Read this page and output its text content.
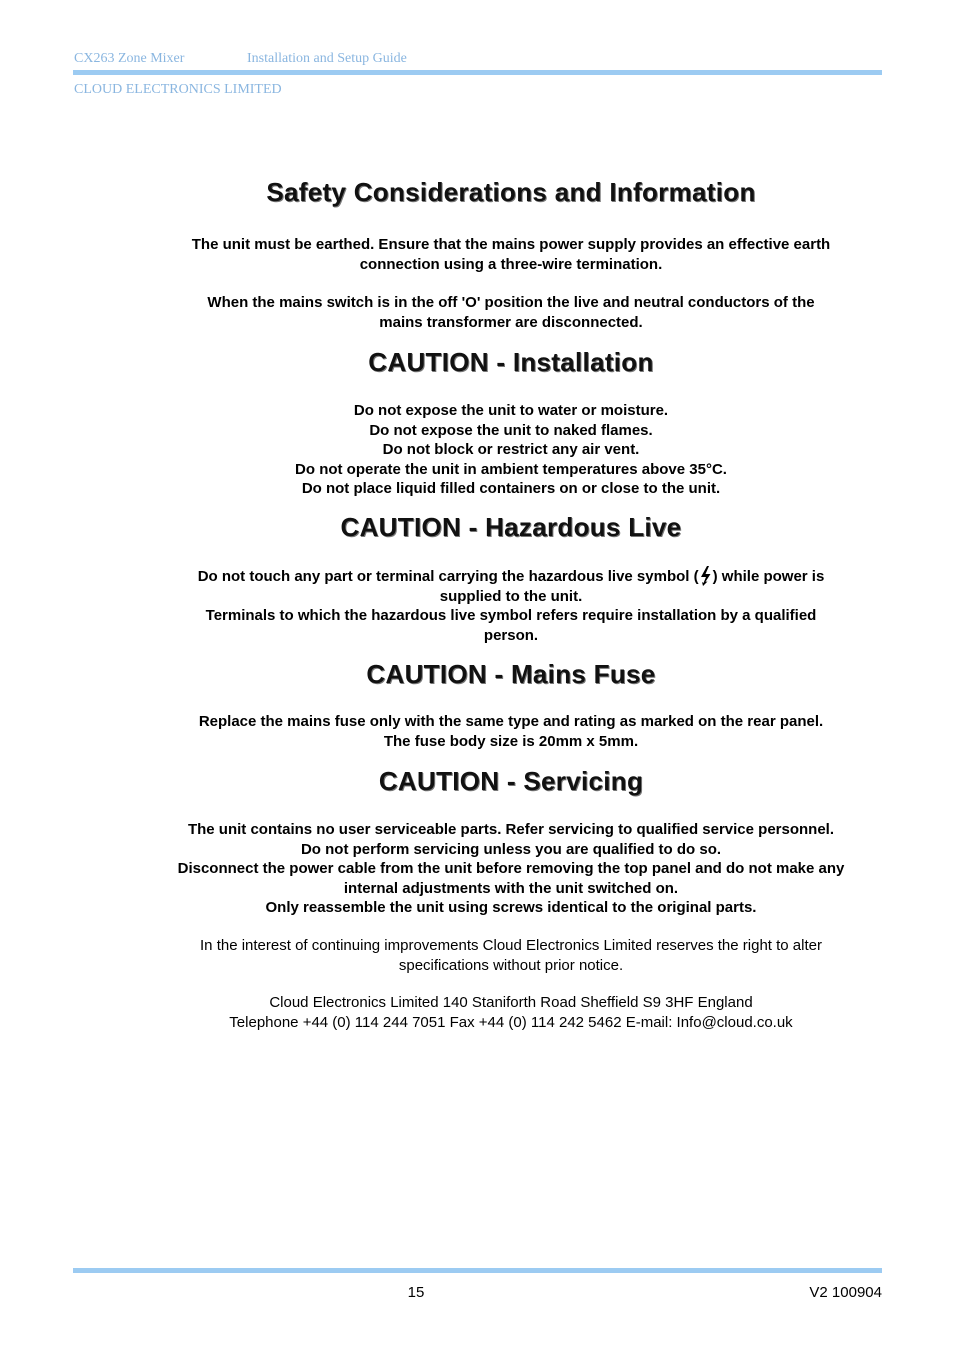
CX263 Zone Mixer	Installation and Setup Guide
CLOUD ELECTRONICS LIMITED
Safety Considerations and Information
The unit must be earthed. Ensure that the mains power supply provides an effective earth
connection using a three-wire termination.
When the mains switch is in the off 'O' position the live and neutral conductors of the
mains transformer are disconnected.
CAUTION - Installation
Do not expose the unit to water or moisture.
Do not expose the unit to naked flames.
Do not block or restrict any air vent.
Do not operate the unit in ambient temperatures above 35°C.
Do not place liquid filled containers on or close to the unit.
CAUTION - Hazardous Live
Do not touch any part or terminal carrying the hazardous live symbol ( ) while power is
supplied to the unit.
Terminals to which the hazardous live symbol refers require installation by a qualified
person.
CAUTION - Mains Fuse
Replace the mains fuse only with the same type and rating as marked on the rear panel.
The fuse body size is 20mm x 5mm.
CAUTION - Servicing
The unit contains no user serviceable parts. Refer servicing to qualified service personnel.
Do not perform servicing unless you are qualified to do so.
Disconnect the power cable from the unit before removing the top panel and do not make any
internal adjustments with the unit switched on.
Only reassemble the unit using screws identical to the original parts.
In the interest of continuing improvements Cloud Electronics Limited reserves the right to alter
specifications without prior notice.
Cloud Electronics Limited 140 Staniforth Road Sheffield S9 3HF England
Telephone +44 (0) 114 244 7051 Fax +44 (0) 114 242 5462 E-mail: Info@cloud.co.uk
15	V2 100904
